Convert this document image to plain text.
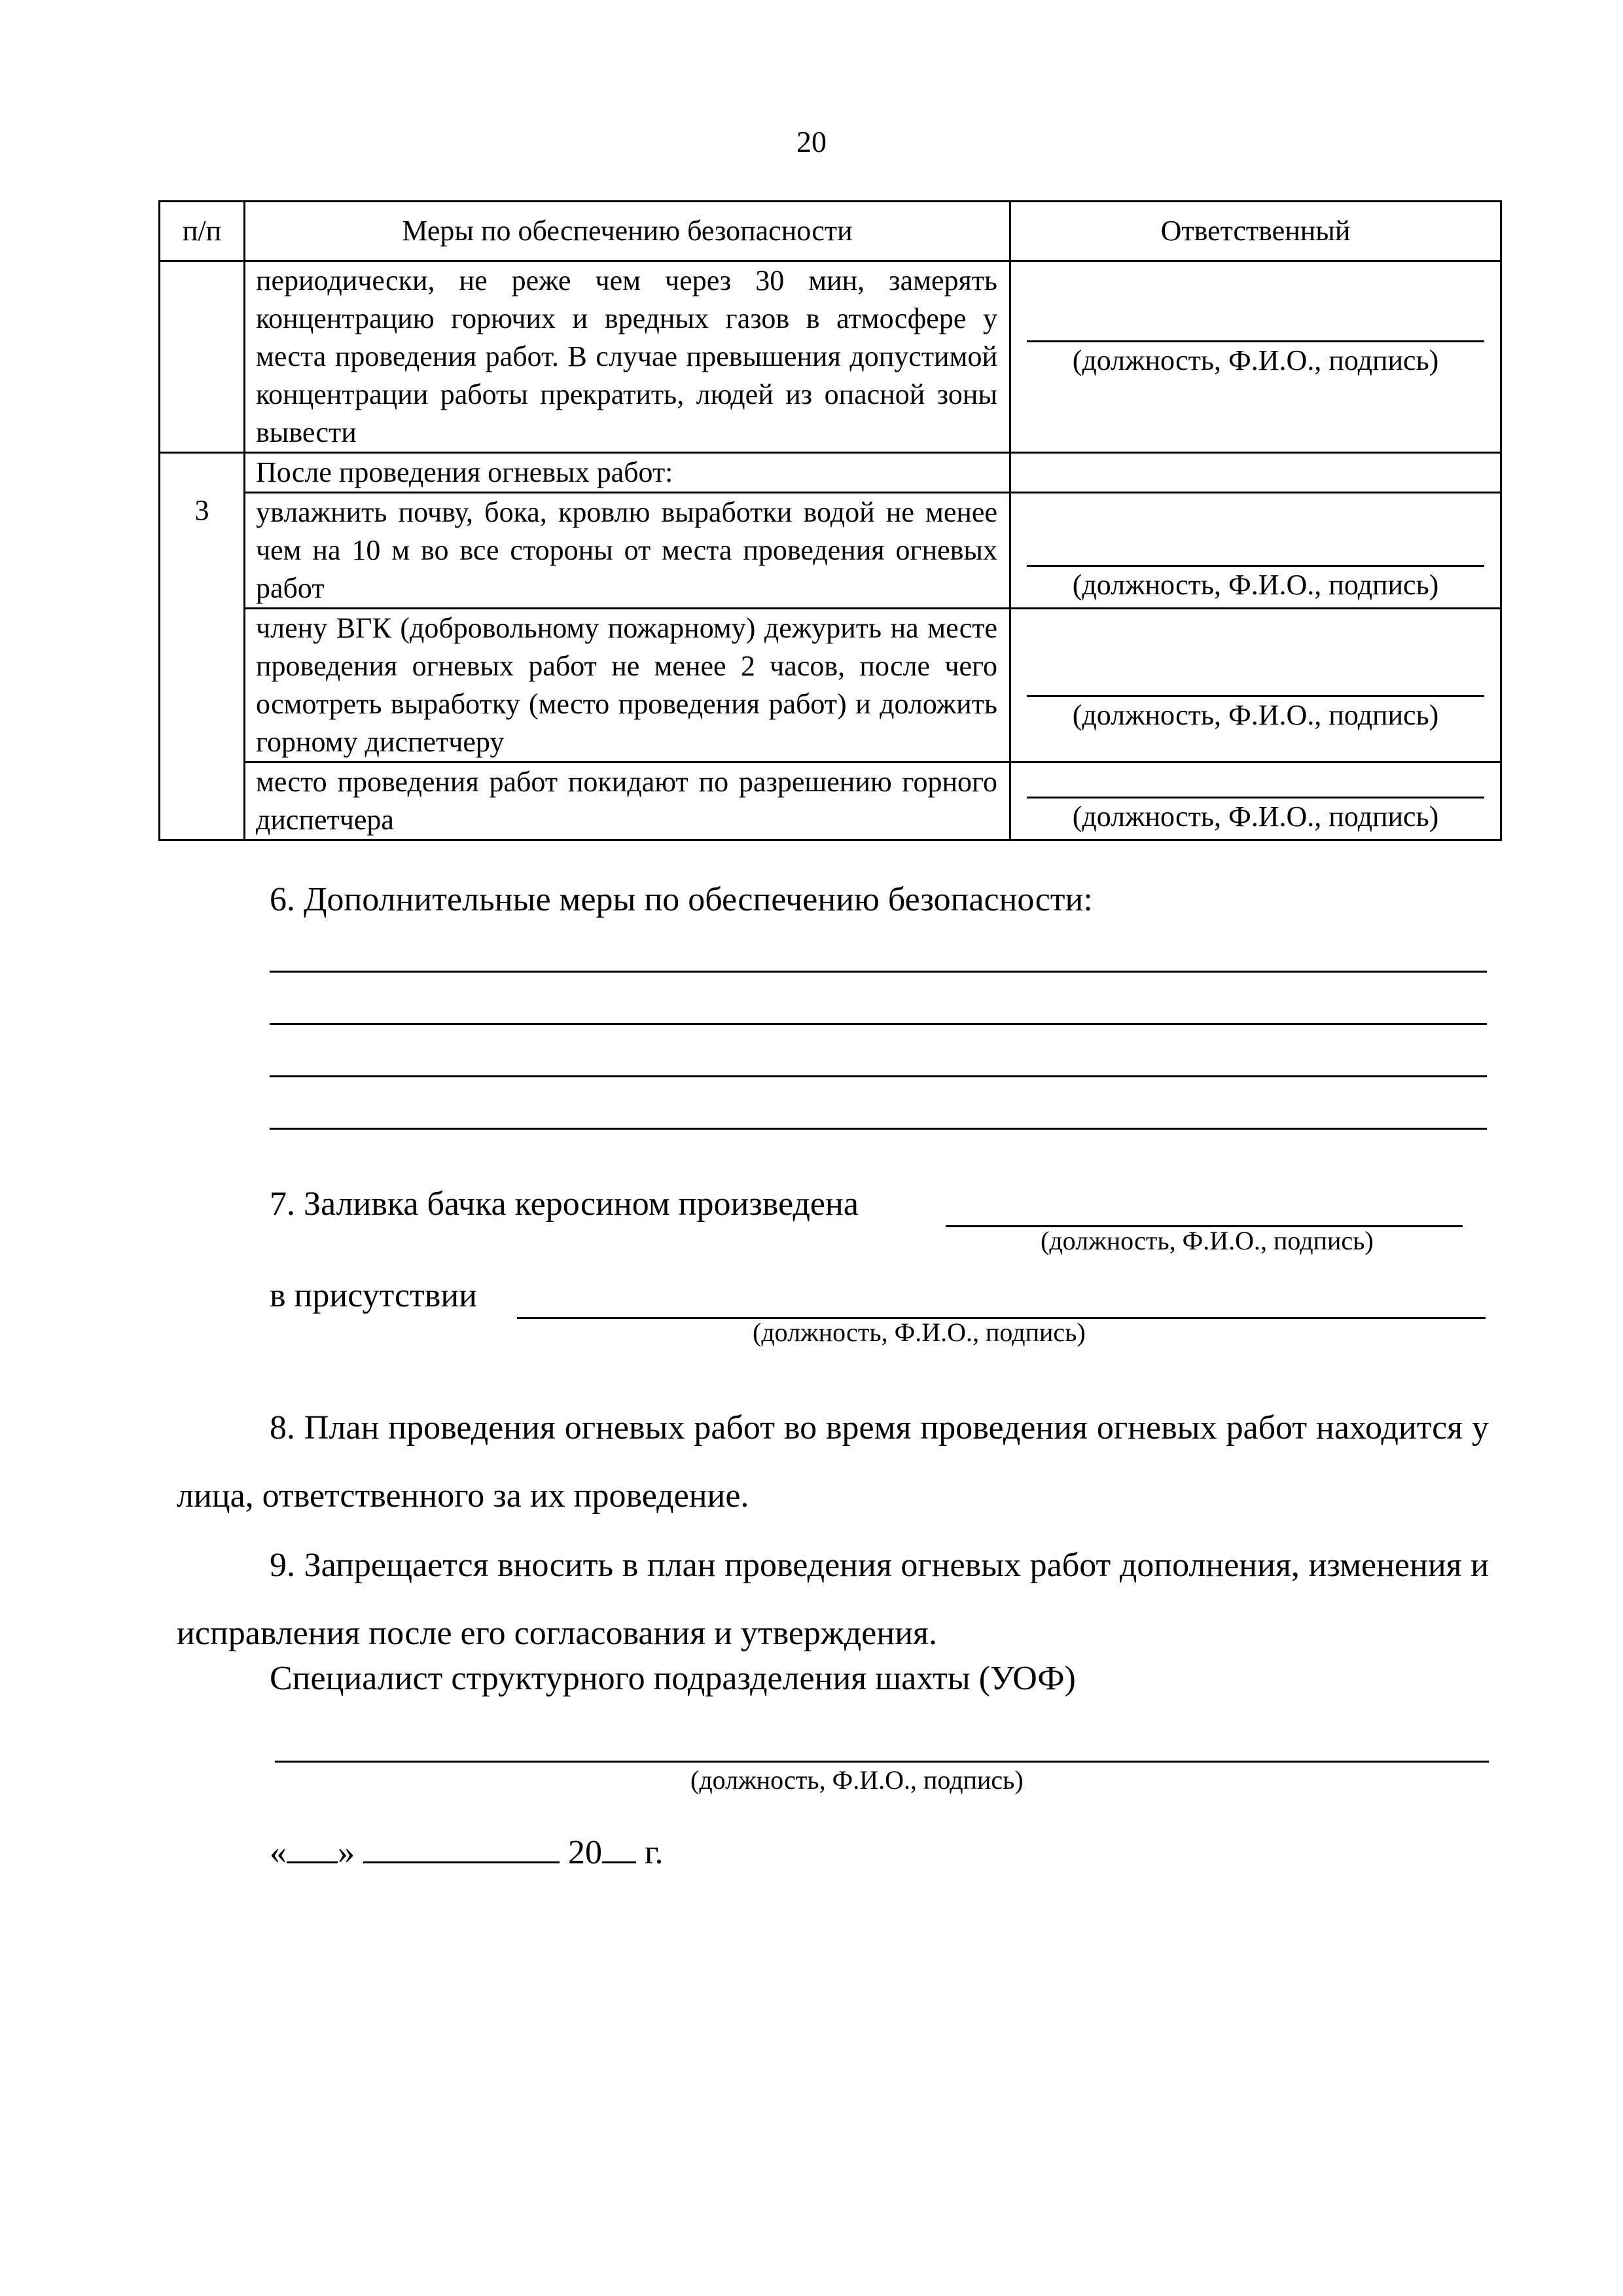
20
п/п	Меры по обеспечению безопасности	Ответственный
	периодически, не реже чем через 30 мин, замерять концентрацию горючих и вредных газов в атмосфере у места проведения работ. В случае превышения допустимой концентрации работы прекратить, людей из опасной зоны вывести	(должность, Ф.И.О., подпись)

3	После проведения огневых работ:	
	увлажнить почву, бока, кровлю выработки водой не менее чем на 10 м во все стороны от места проведения огневых работ	(должность, Ф.И.О., подпись)

	члену ВГК (добровольному пожарному) дежурить на месте проведения огневых работ не менее 2 часов, после чего осмотреть выработку (место проведения работ) и доложить горному диспетчеру	(должность, Ф.И.О., подпись)

	место проведения работ покидают по разрешению горного диспетчера	(должность, Ф.И.О., подпись)
6. Дополнительные меры по обеспечению безопасности:
7. Заливка бачка керосином произведена
(должность, Ф.И.О., подпись)
в присутствии
(должность, Ф.И.О., подпись)
8. План проведения огневых работ во время проведения огневых работ находится у лица, ответственного за их проведение.
9. Запрещается вносить в план проведения огневых работ дополнения, изменения и исправления после его согласования и утверждения.
Специалист структурного подразделения шахты (УОФ)
(должность, Ф.И.О., подпись)
« »	20 г.
